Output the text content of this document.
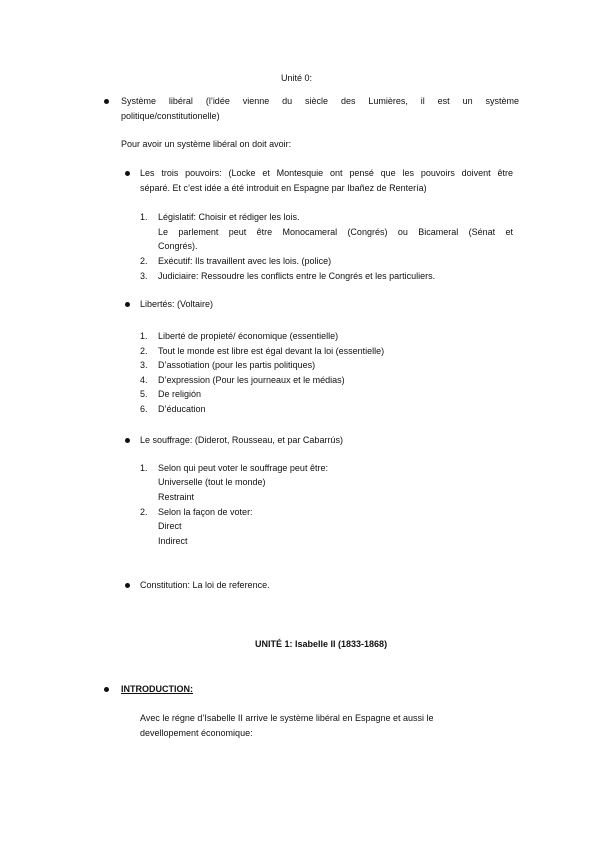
Unité 0:
Système libéral (l’idée vienne du siècle des Lumières, il est un système
politique/constitutionelle)
Pour avoir un système libéral on doit avoir:
Les trois pouvoirs: (Locke et Montesquie ont pensé que les pouvoirs doivent être
séparé. Et c’est idée a été introduit en Espagne par Ibañez de Rentería)
1. Législatif: Choisir et rédiger les lois.
Le parlement peut être Monocameral (Congrés) ou Bicameral (Sénat et
Congrés).
2. Exécutif: Ils travaillent avec les lois. (police)
3. Judiciaire: Ressoudre les conflicts entre le Congrés et les particuliers.
Libertés: (Voltaire)
1. Liberté de propieté/ économique (essentielle)
2. Tout le monde est libre est égal devant la loi (essentielle)
3. D’assotiation (pour les partis politiques)
4. D’expression (Pour les journeaux et le médias)
5. De religión
6. D’éducation
Le souffrage: (Diderot, Rousseau, et par Cabarrús)
1. Selon qui peut voter le souffrage peut être:
Universelle (tout le monde)
Restraint
2. Selon la façon de voter:
Direct
Indirect
Constitution: La loi de reference.
UNITÉ 1: Isabelle II (1833-1868)
INTRODUCTION:
Avec le régne d’Isabelle II arrive le système libéral en Espagne et aussi le
devellopement économique:
